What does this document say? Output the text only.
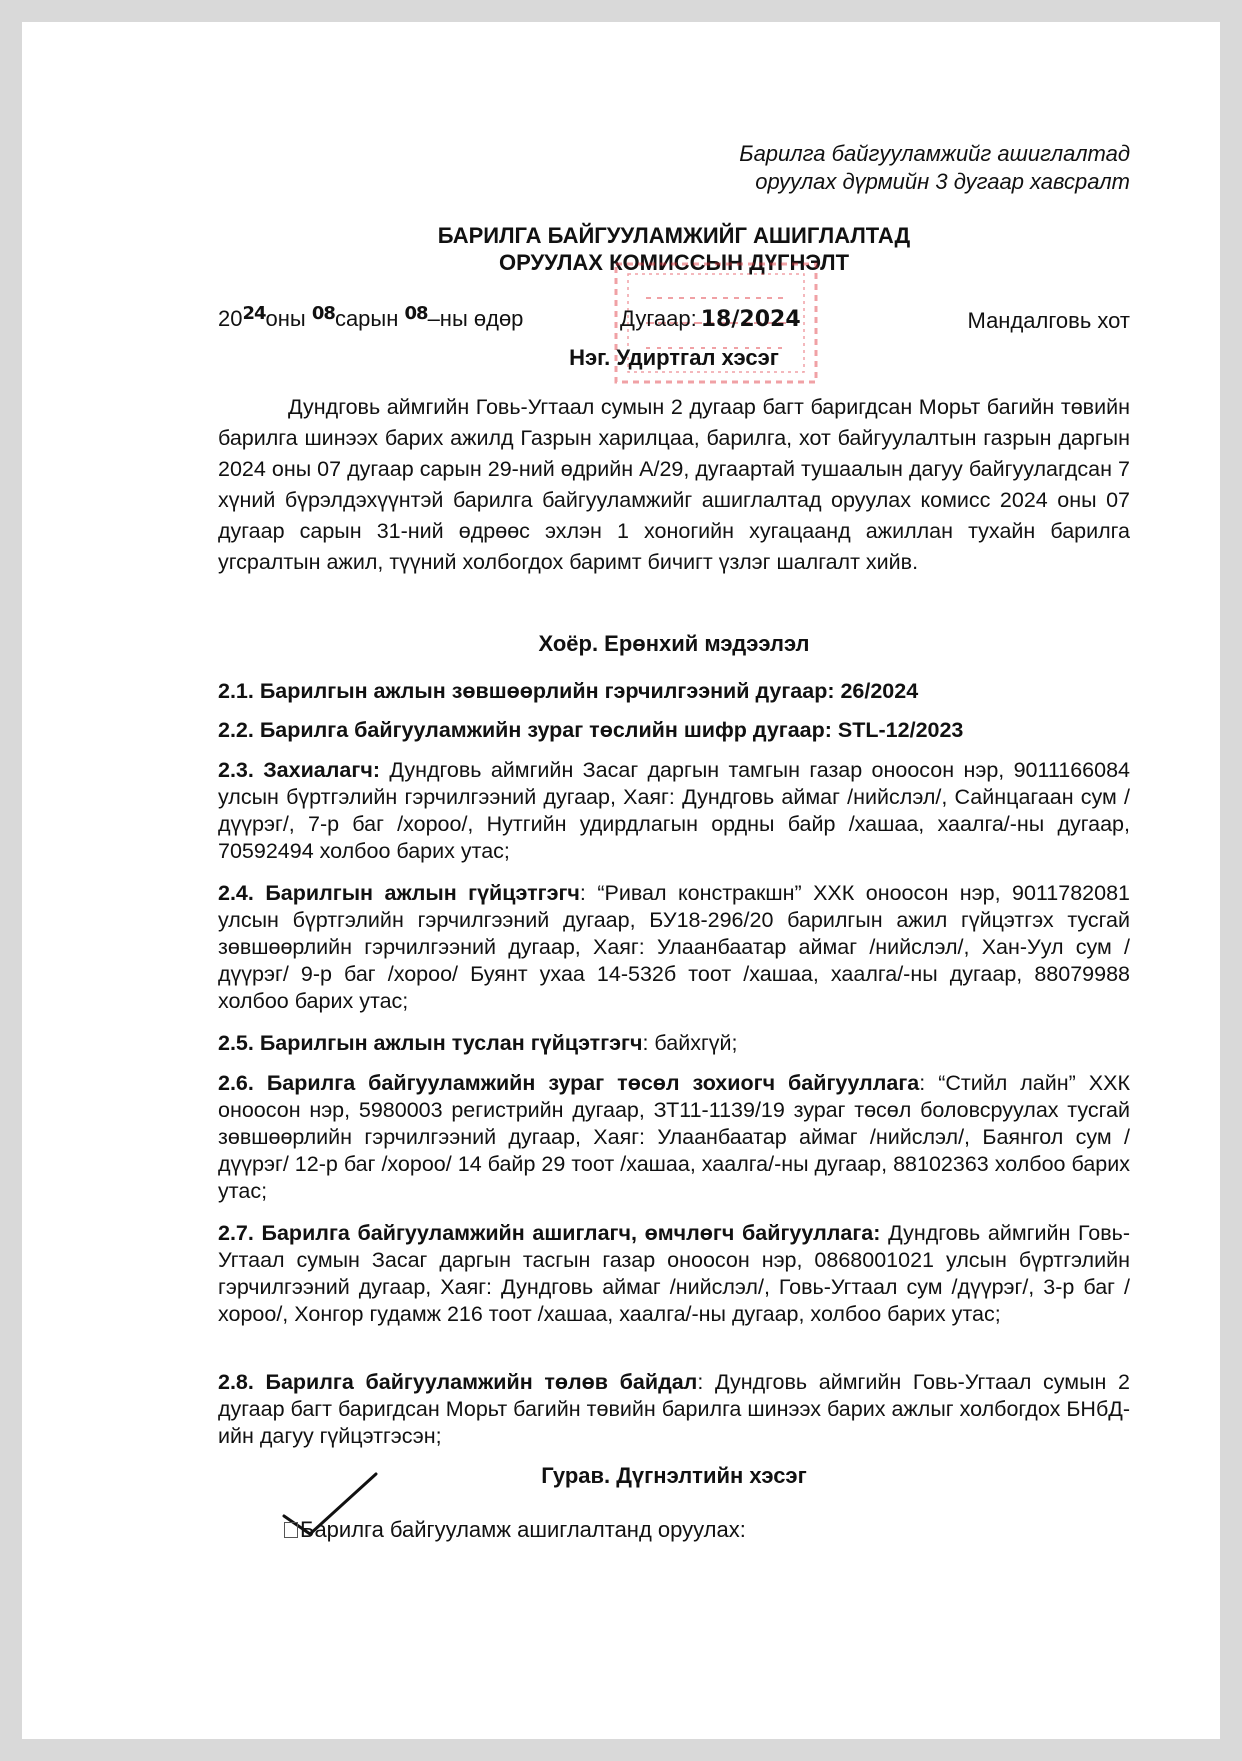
Барилга байгууламжийг ашиглалтад
оруулах дүрмийн 3 дугаар хавсралт
БАРИЛГА БАЙГУУЛАМЖИЙГ АШИГЛАЛТАД
ОРУУЛАХ КОМИССЫН ДҮГНЭЛТ
$20^{24}оны$ $^{08}$сарын $^{08}$–ны өдөр	Дугаар: 18/2024	Мандалговь хот
Нэг. Удиртгал хэсэг
Дундговь аймгийн Говь-Угтаал сумын 2 дугаар багт баригдсан Морьт багийн төвийн барилга шинээх барих ажилд Газрын харилцаа, барилга, хот байгуулалтын газрын даргын 2024 оны 07 дугаар сарын 29-ний өдрийн А/29, дугаартай тушаалын дагуу байгуулагдсан 7 хүний бүрэлдэхүүнтэй барилга байгууламжийг ашиглалтад оруулах комисс 2024 оны 07 дугаар сарын 31-ний өдрөөс эхлэн 1 хоногийн хугацаанд ажиллан тухайн барилга угсралтын ажил, түүний холбогдох баримт бичигт үзлэг шалгалт хийв.
Хоёр. Ерөнхий мэдээлэл
2.1. Барилгын ажлын зөвшөөрлийн гэрчилгээний дугаар: 26/2024
2.2. Барилга байгууламжийн зураг төслийн шифр дугаар: STL-12/2023
2.3. Захиалагч: Дундговь аймгийн Засаг даргын тамгын газар оноосон нэр, 9011166084 улсын бүртгэлийн гэрчилгээний дугаар, Хаяг: Дундговь аймаг /нийслэл/, Сайнцагаан сум /дүүрэг/, 7-р баг /хороо/, Нутгийн удирдлагын ордны байр /хашаа, хаалга/-ны дугаар, 70592494 холбоо барих утас;
2.4. Барилгын ажлын гүйцэтгэгч: “Ривал констракшн” ХХК оноосон нэр, 9011782081 улсын бүртгэлийн гэрчилгээний дугаар, БУ18-296/20 барилгын ажил гүйцэтгэх тусгай зөвшөөрлийн гэрчилгээний дугаар, Хаяг: Улаанбаатар аймаг /нийслэл/, Хан-Уул сум /дүүрэг/ 9-р баг /хороо/ Буянт ухаа 14-532б тоот /хашаа, хаалга/-ны дугаар, 88079988 холбоо барих утас;
2.5. Барилгын ажлын туслан гүйцэтгэгч: байхгүй;
2.6. Барилга байгууламжийн зураг төсөл зохиогч байгууллага: “Стийл лайн” ХХК оноосон нэр, 5980003 регистрийн дугаар, ЗТ11-1139/19 зураг төсөл боловсруулах тусгай зөвшөөрлийн гэрчилгээний дугаар, Хаяг: Улаанбаатар аймаг /нийслэл/, Баянгол сум /дүүрэг/ 12-р баг /хороо/ 14 байр 29 тоот /хашаа, хаалга/-ны дугаар, 88102363 холбоо барих утас;
2.7. Барилга байгууламжийн ашиглагч, өмчлөгч байгууллага: Дундговь аймгийн Говь-Угтаал сумын Засаг даргын тасгын газар оноосон нэр, 0868001021 улсын бүртгэлийн гэрчилгээний дугаар, Хаяг: Дундговь аймаг /нийслэл/, Говь-Угтаал сум /дүүрэг/, 3-р баг /хороо/, Хонгор гудамж 216 тоот /хашаа, хаалга/-ны дугаар, холбоо барих утас;
2.8. Барилга байгууламжийн төлөв байдал: Дундговь аймгийн Говь-Угтаал сумын 2 дугаар багт баригдсан Морьт багийн төвийн барилга шинээх барих ажлыг холбогдох БНбД-ийн дагуу гүйцэтгэсэн;
Гурав. Дүгнэлтийн хэсэг
Барилга байгууламж ашиглалтанд оруулах:
